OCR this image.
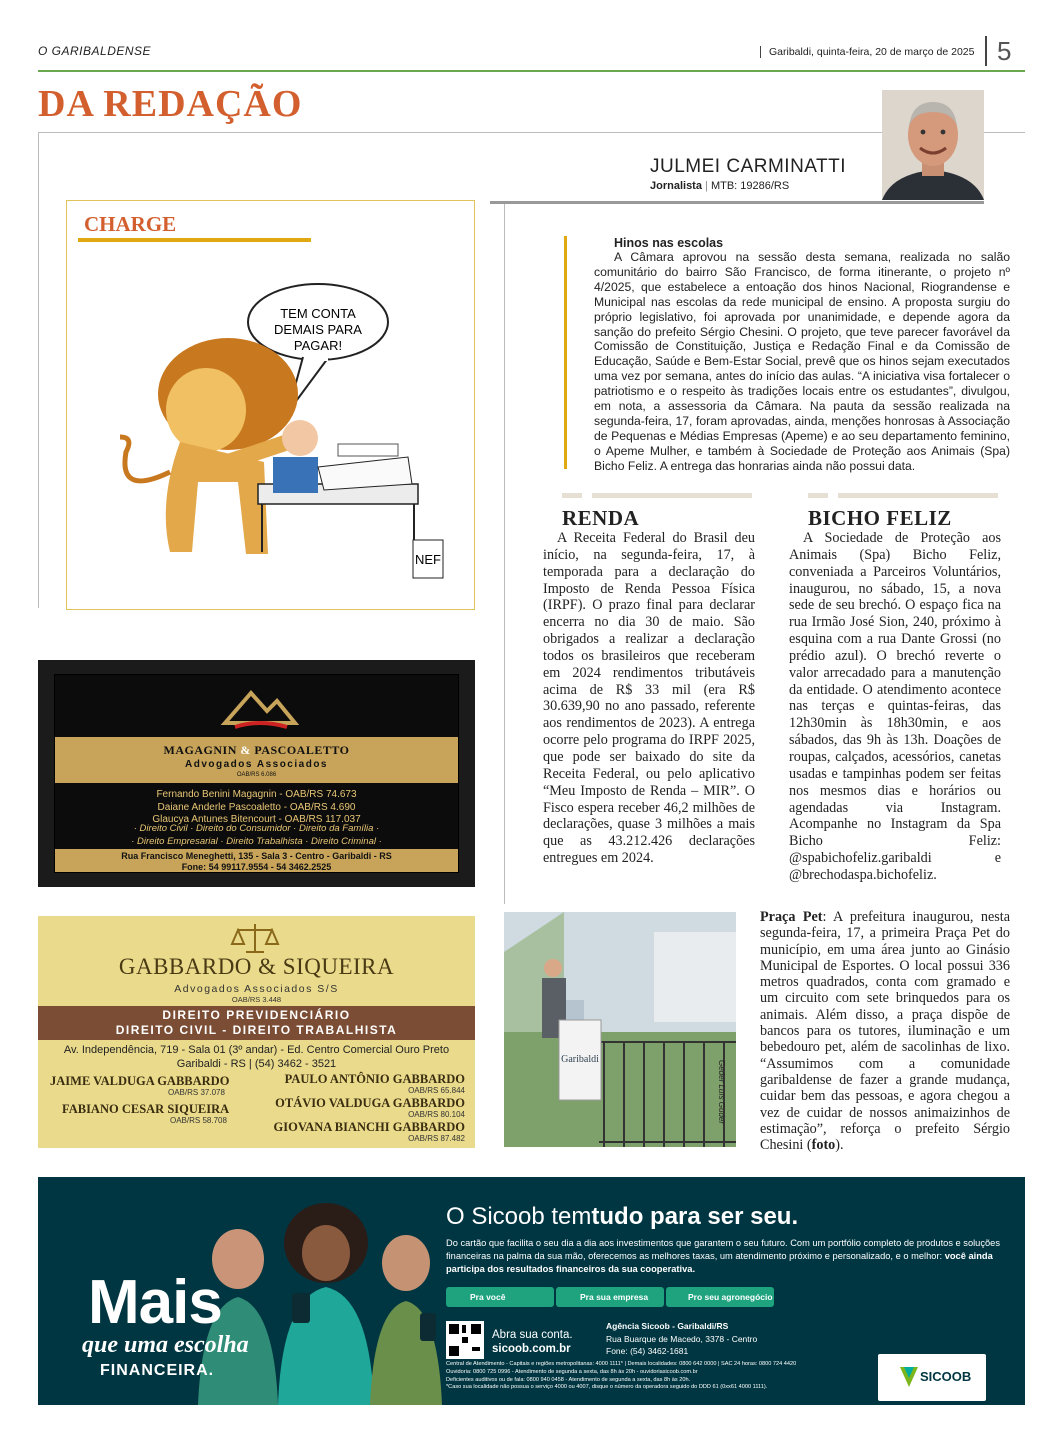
O GARIBALDENSE	Garibaldi, quinta-feira, 20 de março de 2025 5
DA REDAÇÃO
JULMEI CARMINATTI
Jornalista | MTB: 19286/RS
CHARGE
TEM CONTA
DEMAIS PARA
PAGAR!
NEF
Hinos nas escolas
A Câmara aprovou na sessão desta semana, realizada no salão comunitário do bairro São Francisco, de forma itinerante, o projeto nº 4/2025, que estabelece a entoação dos hinos Nacional, Riograndense e Municipal nas escolas da rede municipal de ensino. A proposta surgiu do próprio legislativo, foi aprovada por unanimidade, e depende agora da sanção do prefeito Sérgio Chesini. O projeto, que teve parecer favorável da Comissão de Constituição, Justiça e Redação Final e da Comissão de Educação, Saúde e Bem-Estar Social, prevê que os hinos sejam executados uma vez por semana, antes do início das aulas. “A iniciativa visa fortalecer o patriotismo e o respeito às tradições locais entre os estudantes”, divulgou, em nota, a assessoria da Câmara. Na pauta da sessão realizada na segunda-feira, 17, foram aprovadas, ainda, menções honrosas à Associação de Pequenas e Médias Empresas (Apeme) e ao seu departamento feminino, o Apeme Mulher, e também à Sociedade de Proteção aos Animais (Spa) Bicho Feliz. A entrega das honrarias ainda não possui data.
RENDA
A Receita Federal do Brasil deu início, na segunda-feira, 17, à temporada para a declaração do Imposto de Renda Pessoa Física (IRPF). O prazo final para declarar encerra no dia 30 de maio. São obrigados a realizar a declaração todos os brasileiros que receberam em 2024 rendimentos tributáveis acima de R$ 33 mil (era R$ 30.639,90 no ano passado, referente aos rendimentos de 2023). A entrega ocorre pelo programa do IRPF 2025, que pode ser baixado do site da Receita Federal, ou pelo aplicativo “Meu Imposto de Renda – MIR”. O Fisco espera receber 46,2 milhões de declarações, quase 3 milhões a mais que as 43.212.426 declarações entregues em 2024.
BICHO FELIZ
A Sociedade de Proteção aos Animais (Spa) Bicho Feliz, conveniada a Parceiros Voluntários, inaugurou, no sábado, 15, a nova sede de seu brechó. O espaço fica na rua Irmão José Sion, 240, próximo à esquina com a rua Dante Grossi (no prédio azul). O brechó reverte o valor arrecadado para a manutenção da entidade. O atendimento acontece nas terças e quintas-feiras, das 12h30min às 18h30min, e aos sábados, das 9h às 13h. Doações de roupas, calçados, acessórios, canetas usadas e tampinhas podem ser feitas nos mesmos dias e horários ou agendadas via Instagram. Acompanhe no Instagram da Spa Bicho Feliz: @spabichofeliz.garibaldi e @brechodaspa.bichofeliz.
MAGAGNIN & PASCOALETTO
Advogados Associados
OAB/RS 6.086
Fernando Benini Magagnin - OAB/RS 74.673
Daiane Anderle Pascoaletto - OAB/RS 4.690
Glaucya Antunes Bitencourt - OAB/RS 117.037
· Direito Civil · Direito do Consumidor · Direito da Família ·
· Direito Empresarial · Direito Trabalhista · Direito Criminal ·
Rua Francisco Meneghetti, 135 - Sala 3 - Centro - Garibaldi - RS
Fone: 54 99117.9554 - 54 3462.2525
GABBARDO & SIQUEIRA
Advogados Associados S/S
OAB/RS 3.448
DIREITO PREVIDENCIÁRIO
DIREITO CIVIL - DIREITO TRABALHISTA
Av. Independência, 719 - Sala 01 (3º andar) - Ed. Centro Comercial Ouro Preto
Garibaldi - RS | (54) 3462 - 3521
JAIME VALDUGA GABBARDO
OAB/RS 37.078
FABIANO CESAR SIQUEIRA
OAB/RS 58.708
PAULO ANTÔNIO GABBARDO
OAB/RS 65.844
OTÁVIO VALDUGA GABBARDO
OAB/RS 80.104
GIOVANA BIANCHI GABBARDO
OAB/RS 87.482
Garibaldi
Geder Luís Guder
Praça Pet: A prefeitura inaugurou, nesta segunda-feira, 17, a primeira Praça Pet do município, em uma área junto ao Ginásio Municipal de Esportes. O local possui 336 metros quadrados, conta com gramado e um circuito com sete brinquedos para os animais. Além disso, a praça dispõe de bancos para os tutores, iluminação e um bebedouro pet, além de sacolinhas de lixo. “Assumimos com a comunidade garibaldense de fazer a grande mudança, cuidar bem das pessoas, e agora chegou a vez de cuidar de nossos animaizinhos de estimação”, reforça o prefeito Sérgio Chesini (foto).
Mais
que uma escolha
FINANCEIRA.
O Sicoob temtudo para ser seu.
Do cartão que facilita o seu dia a dia aos investimentos que garantem o seu futuro. Com um portfólio completo de produtos e soluções financeiras na palma da sua mão, oferecemos as melhores taxas, um atendimento próximo e personalizado, e o melhor: você ainda participa dos resultados financeiros da sua cooperativa.
Pra você	Pra sua empresa	Pro seu agronegócio
Abra sua conta.
sicoob.com.br
Agência Sicoob - Garibaldi/RS
Rua Buarque de Macedo, 3378 - Centro
Fone: (54) 3462-1681
Central de Atendimento - Capitais e regiões metropolitanas: 4000 1111* | Demais localidades: 0800 642 0000 | SAC 24 horas: 0800 724 4420
Ouvidoria: 0800 725 0996 - Atendimento de segunda a sexta, das 8h às 20h - ouvidoriasicoob.com.br
Deficientes auditivos ou de fala: 0800 940 0458 - Atendimento de segunda a sexta, das 8h às 20h.
*Caso sua localidade não possua o serviço 4000 ou 4007, disque o número da operadora seguido do DDD 61 (0xx61 4000 1111).
SICOOB
